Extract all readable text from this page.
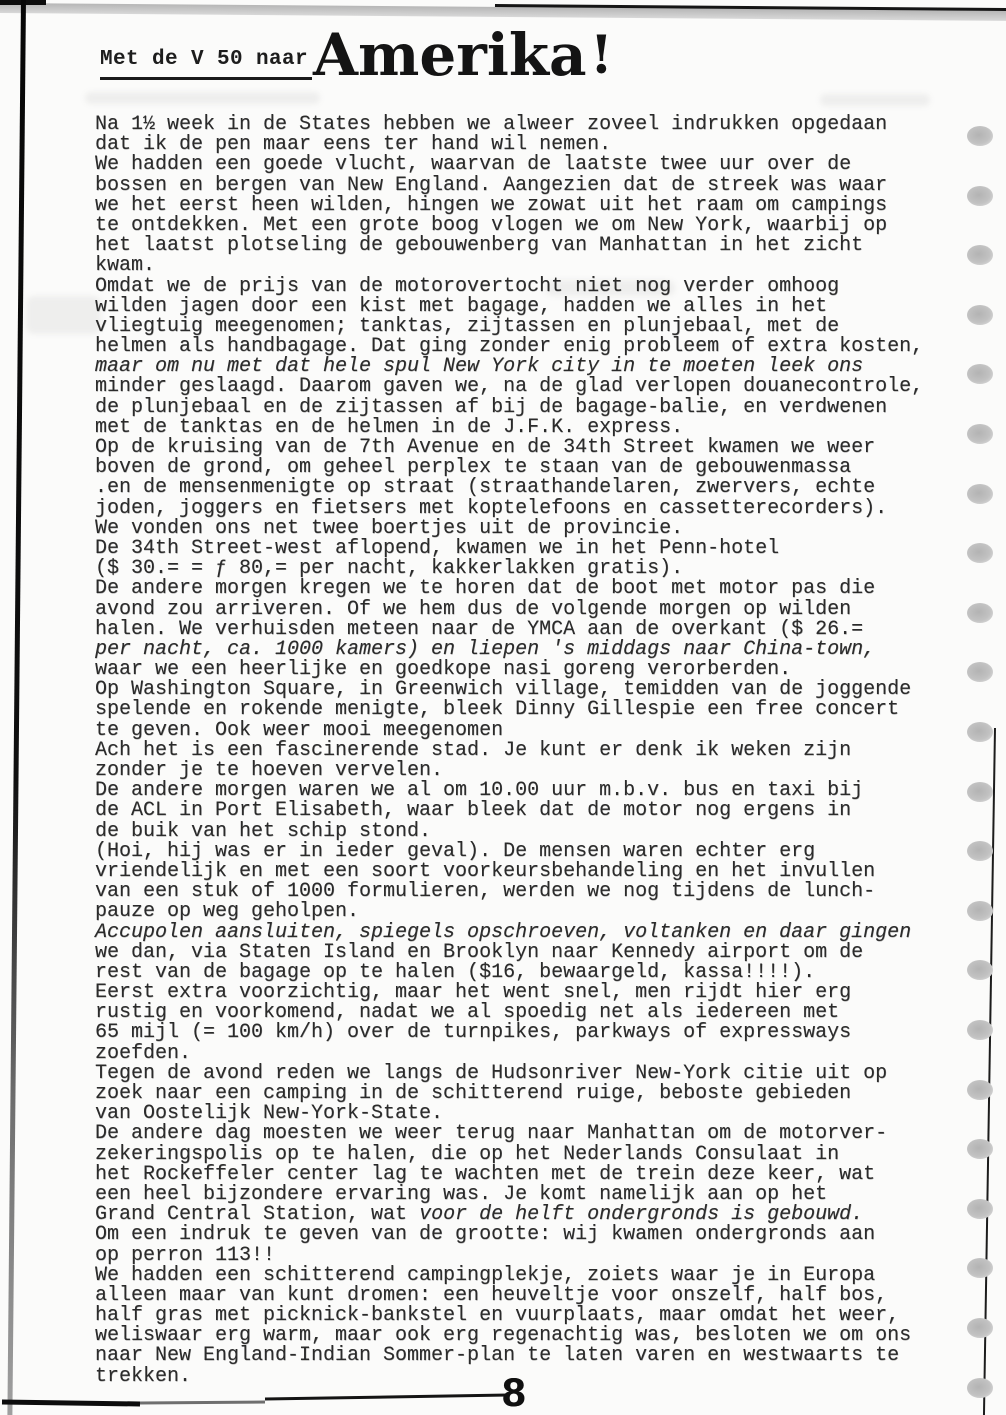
Met de V 50 naar Amerika !
Na 1½ week in de States hebben we alweer zoveel indrukken opgedaan
dat ik de pen maar eens ter hand wil nemen.
We hadden een goede vlucht, waarvan de laatste twee uur over de
bossen en bergen van New England. Aangezien dat de streek was waar
we het eerst heen wilden, hingen we zowat uit het raam om campings
te ontdekken. Met een grote boog vlogen we om New York, waarbij op
het laatst plotseling de gebouwenberg van Manhattan in het zicht
kwam.
Omdat we de prijs van de motorovertocht niet nog verder omhoog
wilden jagen door een kist met bagage, hadden we alles in het
vliegtuig meegenomen; tanktas, zijtassen en plunjebaal, met de
helmen als handbagage. Dat ging zonder enig probleem of extra kosten,
maar om nu met dat hele spul New York city in te moeten leek ons
minder geslaagd. Daarom gaven we, na de glad verlopen douanecontrole,
de plunjebaal en de zijtassen af bij de bagage-balie, en verdwenen
met de tanktas en de helmen in de J.F.K. express.
Op de kruising van de 7th Avenue en de 34th Street kwamen we weer
boven de grond, om geheel perplex te staan van de gebouwenmassa
.en de mensenmenigte op straat (straathandelaren, zwervers, echte
joden, joggers en fietsers met koptelefoons en cassetterecorders).
We vonden ons net twee boertjes uit de provincie.
De 34th Street-west aflopend, kwamen we in het Penn-hotel
($ 30.= = ƒ 80,= per nacht, kakkerlakken gratis).
De andere morgen kregen we te horen dat de boot met motor pas die
avond zou arriveren. Of we hem dus de volgende morgen op wilden
halen. We verhuisden meteen naar de YMCA aan de overkant ($ 26.=
per nacht, ca. 1000 kamers) en liepen 's middags naar China-town,
waar we een heerlijke en goedkope nasi goreng verorberden.
Op Washington Square, in Greenwich village, temidden van de joggende
spelende en rokende menigte, bleek Dinny Gillespie een free concert
te geven. Ook weer mooi meegenomen
Ach het is een fascinerende stad. Je kunt er denk ik weken zijn
zonder je te hoeven vervelen.
De andere morgen waren we al om 10.00 uur m.b.v. bus en taxi bij
de ACL in Port Elisabeth, waar bleek dat de motor nog ergens in
de buik van het schip stond.
(Hoi, hij was er in ieder geval). De mensen waren echter erg
vriendelijk en met een soort voorkeursbehandeling en het invullen
van een stuk of 1000 formulieren, werden we nog tijdens de lunch-
pauze op weg geholpen.
Accupolen aansluiten, spiegels opschroeven, voltanken en daar gingen
we dan, via Staten Island en Brooklyn naar Kennedy airport om de
rest van de bagage op te halen ($16, bewaargeld, kassa!!!!).
Eerst extra voorzichtig, maar het went snel, men rijdt hier erg
rustig en voorkomend, nadat we al spoedig net als iedereen met
65 mijl (= 100 km/h) over de turnpikes, parkways of expressways
zoefden.
Tegen de avond reden we langs de Hudsonriver New-York citie uit op
zoek naar een camping in de schitterend ruige, beboste gebieden
van Oostelijk New-York-State.
De andere dag moesten we weer terug naar Manhattan om de motorver-
zekeringspolis op te halen, die op het Nederlands Consulaat in
het Rockeffeler center lag te wachten met de trein deze keer, wat
een heel bijzondere ervaring was. Je komt namelijk aan op het
Grand Central Station, wat voor de helft ondergronds is gebouwd.
Om een indruk te geven van de grootte: wij kwamen ondergronds aan
op perron 113!!
We hadden een schitterend campingplekje, zoiets waar je in Europa
alleen maar van kunt dromen: een heuveltje voor onszelf, half bos,
half gras met picknick-bankstel en vuurplaats, maar omdat het weer,
weliswaar erg warm, maar ook erg regenachtig was, besloten we om ons
naar New England-Indian Sommer-plan te laten varen en westwaarts te
trekken.	8
